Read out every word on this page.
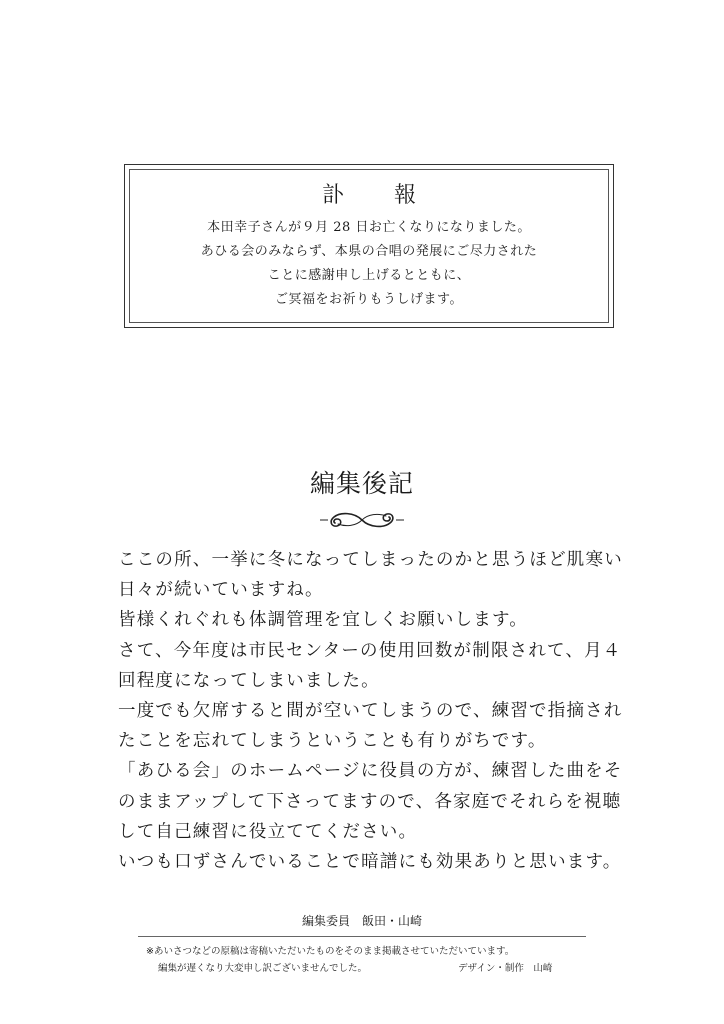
訃　報
本田幸子さんが９月 28 日お亡くなりになりました。
あひる会のみならず、本県の合唱の発展にご尽力された
ことに感謝申し上げるとともに、
ご冥福をお祈りもうしげます。
編集後記
ここの所、一挙に冬になってしまったのかと思うほど肌寒い
日々が続いていますね。
皆様くれぐれも体調管理を宜しくお願いします。
さて、今年度は市民センターの使用回数が制限されて、月４
回程度になってしまいました。
一度でも欠席すると間が空いてしまうので、練習で指摘され
たことを忘れてしまうということも有りがちです。
「あひる会」のホームページに役員の方が、練習した曲をそ
のままアップして下さってますので、各家庭でそれらを視聴
して自己練習に役立ててください。
いつも口ずさんでいることで暗譜にも効果ありと思います。
編集委員　飯田・山崎
※あいさつなどの原稿は寄稿いただいたものをそのまま掲載させていただいています。
編集が遅くなり大変申し訳ございませんでした。	デザイン・制作　山崎
